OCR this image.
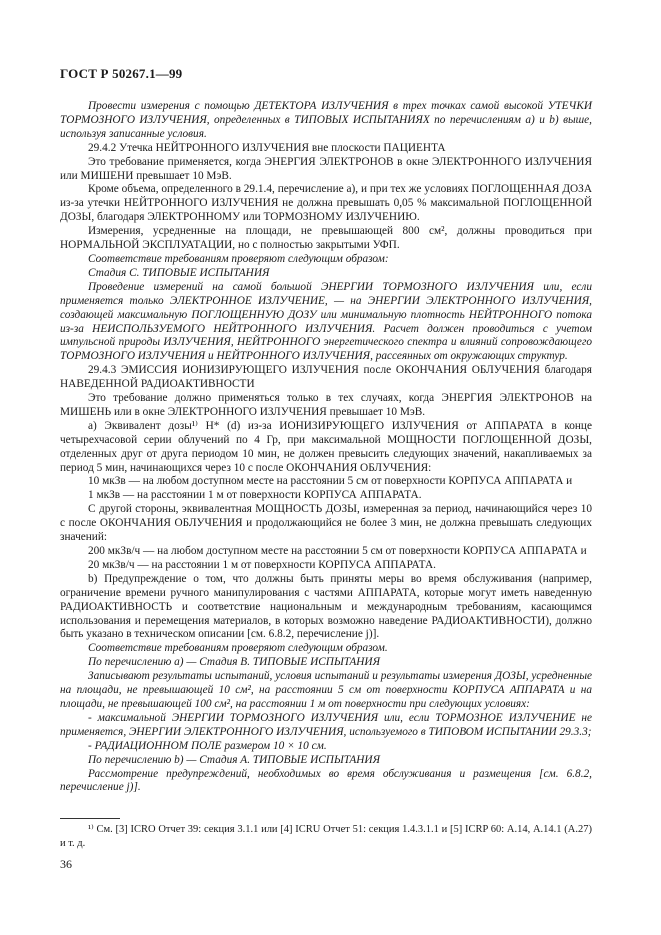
ГОСТ Р 50267.1—99

Провести измерения с помощью ДЕТЕКТОРА ИЗЛУЧЕНИЯ в трех точках самой высокой УТЕЧКИ ТОРМОЗНОГО ИЗЛУЧЕНИЯ, определенных в ТИПОВЫХ ИСПЫТАНИЯХ по перечислениям а) и b) выше, используя записанные условия.

29.4.2 Утечка НЕЙТРОННОГО ИЗЛУЧЕНИЯ вне плоскости ПАЦИЕНТА

Это требование применяется, когда ЭНЕРГИЯ ЭЛЕКТРОНОВ в окне ЭЛЕКТРОННОГО ИЗЛУЧЕНИЯ или МИШЕНИ превышает 10 МэВ.

Кроме объема, определенного в 29.1.4, перечисление а), и при тех же условиях ПОГЛОЩЕННАЯ ДОЗА из-за утечки НЕЙТРОННОГО ИЗЛУЧЕНИЯ не должна превышать 0,05 % максимальной ПОГЛОЩЕННОЙ ДОЗЫ, благодаря ЭЛЕКТРОННОМУ или ТОРМОЗНОМУ ИЗЛУЧЕНИЮ.

Измерения, усредненные на площади, не превышающей 800 см², должны проводиться при НОРМАЛЬНОЙ ЭКСПЛУАТАЦИИ, но с полностью закрытыми УФП.

Соответствие требованиям проверяют следующим образом:

Стадия С. ТИПОВЫЕ ИСПЫТАНИЯ

Проведение измерений на самой большой ЭНЕРГИИ ТОРМОЗНОГО ИЗЛУЧЕНИЯ или, если применяется только ЭЛЕКТРОННОЕ ИЗЛУЧЕНИЕ, — на ЭНЕРГИИ ЭЛЕКТРОННОГО ИЗЛУЧЕНИЯ, создающей максимальную ПОГЛОЩЕННУЮ ДОЗУ или минимальную плотность НЕЙТРОННОГО потока из-за НЕИСПОЛЬЗУЕМОГО НЕЙТРОННОГО ИЗЛУЧЕНИЯ. Расчет должен проводиться с учетом импульсной природы ИЗЛУЧЕНИЯ, НЕЙТРОННОГО энергетического спектра и влияний сопровождающего ТОРМОЗНОГО ИЗЛУЧЕНИЯ и НЕЙТРОННОГО ИЗЛУЧЕНИЯ, рассеянных от окружающих структур.

29.4.3 ЭМИССИЯ ИОНИЗИРУЮЩЕГО ИЗЛУЧЕНИЯ после ОКОНЧАНИЯ ОБЛУЧЕНИЯ благодаря НАВЕДЕННОЙ РАДИОАКТИВНОСТИ

Это требование должно применяться только в тех случаях, когда ЭНЕРГИЯ ЭЛЕКТРОНОВ на МИШЕНЬ или в окне ЭЛЕКТРОННОГО ИЗЛУЧЕНИЯ превышает 10 МэВ.

а) Эквивалент дозы¹⁾ Н* (d) из-за ИОНИЗИРУЮЩЕГО ИЗЛУЧЕНИЯ от АППАРАТА в конце четырехчасовой серии облучений по 4 Гр, при максимальной МОЩНОСТИ ПОГЛОЩЕННОЙ ДОЗЫ, отделенных друг от друга периодом 10 мин, не должен превысить следующих значений, накапливаемых за период 5 мин, начинающихся через 10 с после ОКОНЧАНИЯ ОБЛУЧЕНИЯ:

10 мкЗв — на любом доступном месте на расстоянии 5 см от поверхности КОРПУСА АППАРАТА и

1 мкЗв — на расстоянии 1 м от поверхности КОРПУСА АППАРАТА.

С другой стороны, эквивалентная МОЩНОСТЬ ДОЗЫ, измеренная за период, начинающийся через 10 с после ОКОНЧАНИЯ ОБЛУЧЕНИЯ и продолжающийся не более 3 мин, не должна превышать следующих значений:

200 мкЗв/ч — на любом доступном месте на расстоянии 5 см от поверхности КОРПУСА АППАРАТА и

20 мкЗв/ч — на расстоянии 1 м от поверхности КОРПУСА АППАРАТА.

b) Предупреждение о том, что должны быть приняты меры во время обслуживания (например, ограничение времени ручного манипулирования с частями АППАРАТА, которые могут иметь наведенную РАДИОАКТИВНОСТЬ и соответствие национальным и международным требованиям, касающимся использования и перемещения материалов, в которых возможно наведение РАДИОАКТИВНОСТИ), должно быть указано в техническом описании [см. 6.8.2, перечисление j)].

Соответствие требованиям проверяют следующим образом.

По перечислению а) — Стадия В. ТИПОВЫЕ ИСПЫТАНИЯ

Записывают результаты испытаний, условия испытаний и результаты измерения ДОЗЫ, усредненные на площади, не превышающей 10 см², на расстоянии 5 см от поверхности КОРПУСА АППАРАТА и на площади, не превышающей 100 см², на расстоянии 1 м от поверхности при следующих условиях:

- максимальной ЭНЕРГИИ ТОРМОЗНОГО ИЗЛУЧЕНИЯ или, если ТОРМОЗНОЕ ИЗЛУЧЕНИЕ не применяется, ЭНЕРГИИ ЭЛЕКТРОННОГО ИЗЛУЧЕНИЯ, используемого в ТИПОВОМ ИСПЫТАНИИ 29.3.3;

- РАДИАЦИОННОМ ПОЛЕ размером 10 × 10 см.

По перечислению b) — Стадия А. ТИПОВЫЕ ИСПЫТАНИЯ

Рассмотрение предупреждений, необходимых во время обслуживания и размещения [см. 6.8.2, перечисление j)].

¹⁾ См. [3] ICRO Отчет 39: секция 3.1.1 или [4] ICRU Отчет 51: секция 1.4.3.1.1 и [5] ICRP 60: А.14, А.14.1 (А.27) и т. д.
36
